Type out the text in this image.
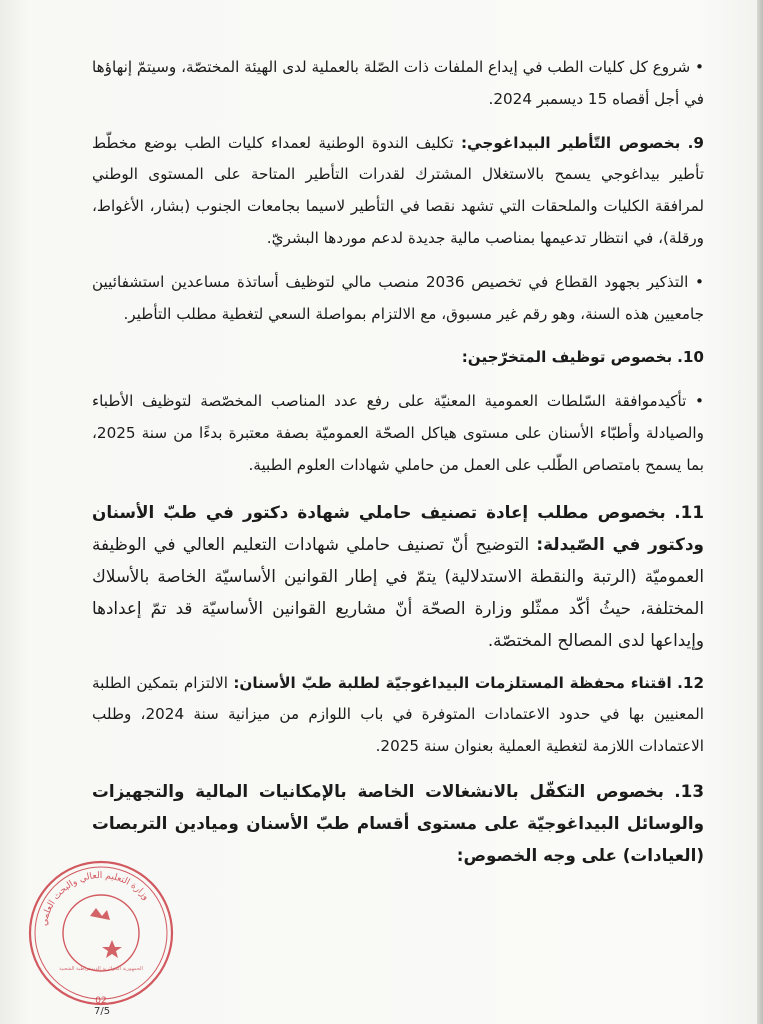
• شروع كل كليات الطب في إيداع الملفات ذات الصّلة بالعملية لدى الهيئة المختصّة، وسيتمّ إنهاؤها في أجل أقصاه 15 ديسمبر 2024.

9. بخصوص التّأطير البيداغوجي: تكليف الندوة الوطنية لعمداء كليات الطب بوضع مخطّط تأطير بيداغوجي يسمح بالاستغلال المشترك لقدرات التأطير المتاحة على المستوى الوطني لمرافقة الكليات والملحقات التي تشهد نقصا في التأطير لاسيما بجامعات الجنوب (بشار، الأغواط، ورقلة)، في انتظار تدعيمها بمناصب مالية جديدة لدعم موردها البشريّ.

• التذكير بجهود القطاع في تخصيص 2036 منصب مالي لتوظيف أساتذة مساعدين استشفائيين جامعيين هذه السنة، وهو رقم غير مسبوق، مع الالتزام بمواصلة السعي لتغطية مطلب التأطير.

10. بخصوص توظيف المتخرّجين:

• تأكيدموافقة السّلطات العمومية المعنيّة على رفع عدد المناصب المخصّصة لتوظيف الأطباء والصيادلة وأطبّاء الأسنان على مستوى هياكل الصحّة العموميّة بصفة معتبرة بدءًا من سنة 2025، بما يسمح بامتصاص الطّلب على العمل من حاملي شهادات العلوم الطبية.

11. بخصوص مطلب إعادة تصنيف حاملي شهادة دكتور في طبّ الأسنان ودكتور في الصّيدلة: التوضيح أنّ تصنيف حاملي شهادات التعليم العالي في الوظيفة العموميّة (الرتبة والنقطة الاستدلالية) يتمّ في إطار القوانين الأساسيّة الخاصة بالأسلاك المختلفة، حيثُ أكّد ممثّلو وزارة الصحّة أنّ مشاريع القوانين الأساسيّة قد تمّ إعدادها وإيداعها لدى المصالح المختصّة.

12. اقتناء محفظة المستلزمات البيداغوجيّة لطلبة طبّ الأسنان: الالتزام بتمكين الطلبة المعنيين بها في حدود الاعتمادات المتوفرة في باب اللوازم من ميزانية سنة 2024، وطلب الاعتمادات اللازمة لتغطية العملية بعنوان سنة 2025.

13. بخصوص التكفّل بالانشغالات الخاصة بالإمكانيات المالية والتجهيزات والوسائل البيداغوجيّة على مستوى أقسام طبّ الأسنان وميادين التربصات (العيادات) على وجه الخصوص:

وزارة التعليم العالي والبحث العلمي
الجمهورية الجزائرية الديمقراطية الشعبية
02
7/5
